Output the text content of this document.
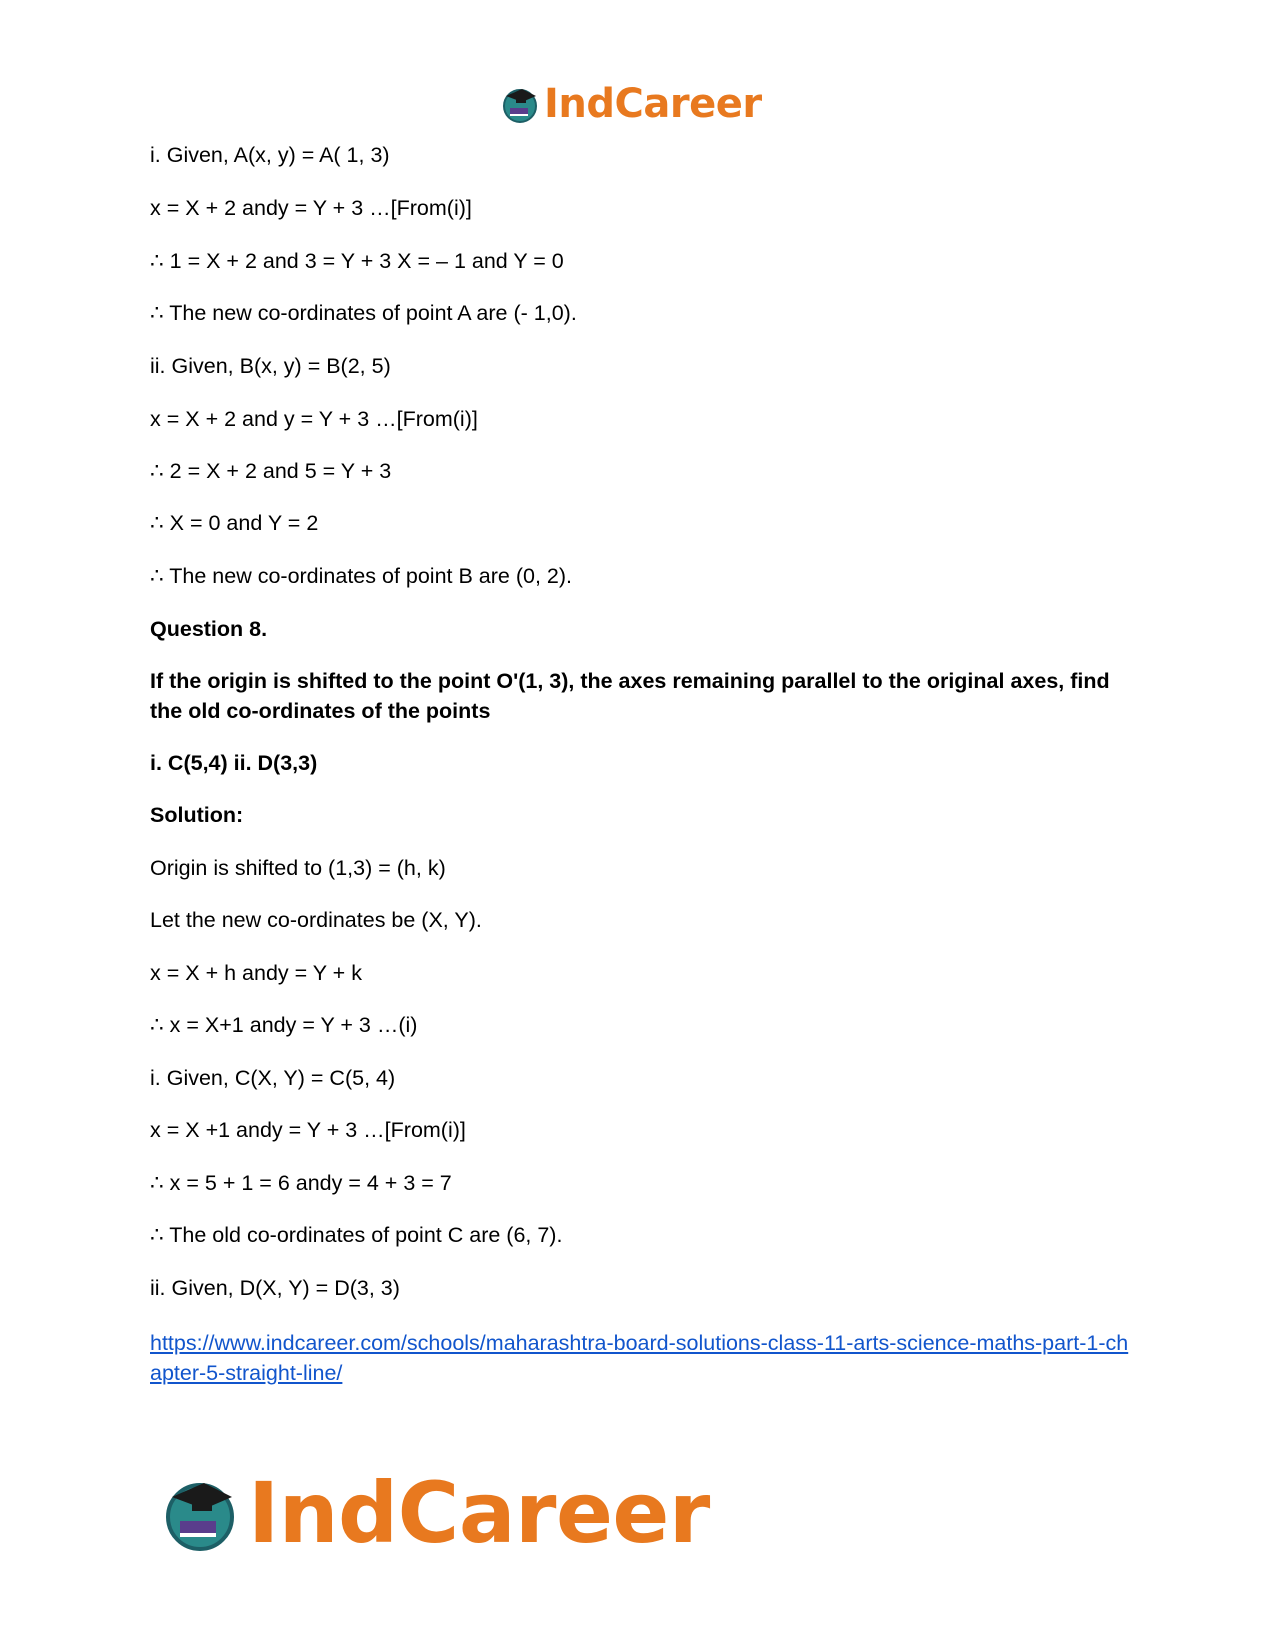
IndCareer
i. Given, A(x, y) = A( 1, 3)
x = X + 2 andy = Y + 3 …[From(i)]
∴ 1 = X + 2 and 3 = Y + 3 X = – 1 and Y = 0
∴ The new co-ordinates of point A are (- 1,0).
ii. Given, B(x, y) = B(2, 5)
x = X + 2 and y = Y + 3 …[From(i)]
∴ 2 = X + 2 and 5 = Y + 3
∴ X = 0 and Y = 2
∴ The new co-ordinates of point B are (0, 2).
Question 8.
If the origin is shifted to the point O'(1, 3), the axes remaining parallel to the original axes, find the old co-ordinates of the points
i. C(5,4) ii. D(3,3)
Solution:
Origin is shifted to (1,3) = (h, k)
Let the new co-ordinates be (X, Y).
x = X + h andy = Y + k
∴ x = X+1 andy = Y + 3 …(i)
i. Given, C(X, Y) = C(5, 4)
x = X +1 andy = Y + 3 …[From(i)]
∴ x = 5 + 1 = 6 andy = 4 + 3 = 7
∴ The old co-ordinates of point C are (6, 7).
ii. Given, D(X, Y) = D(3, 3)
https://www.indcareer.com/schools/maharashtra-board-solutions-class-11-arts-science-maths-part-1-chapter-5-straight-line/
IndCareer
